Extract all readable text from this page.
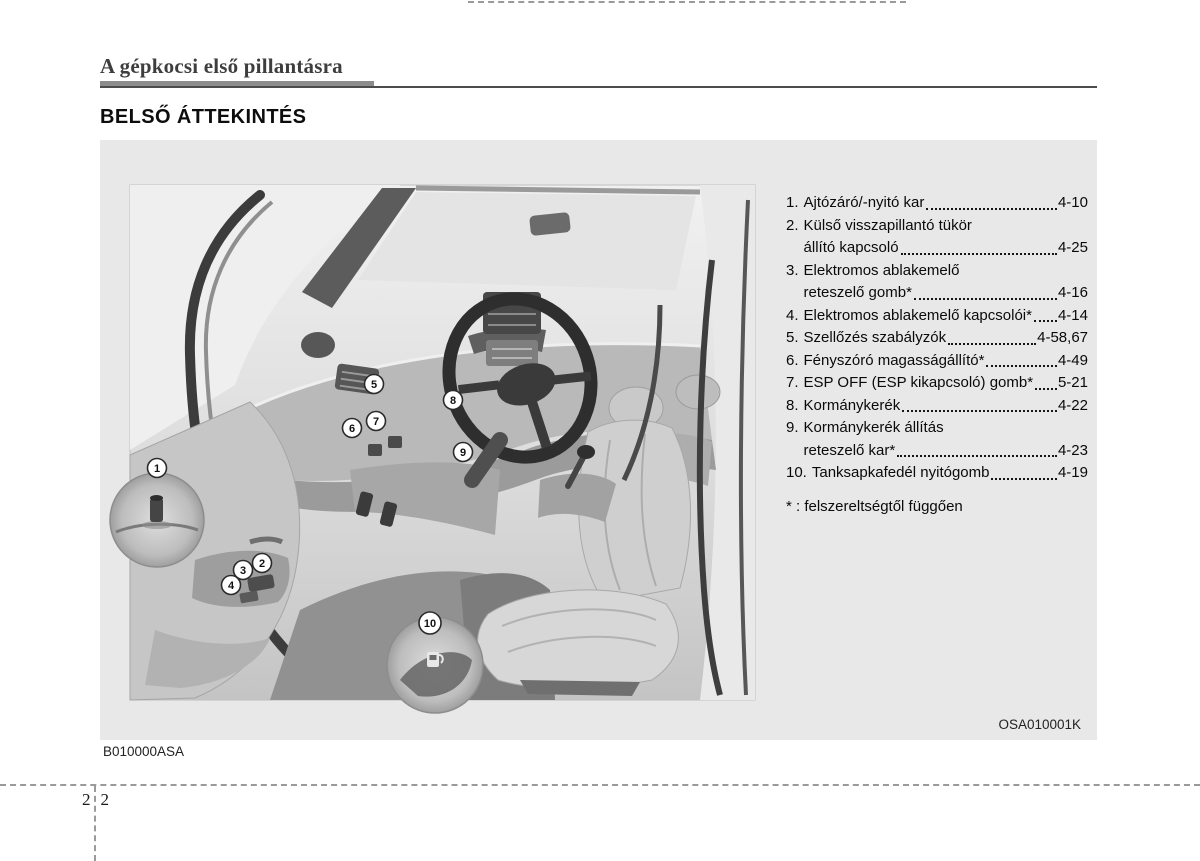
A gépkocsi első pillantásra
BELSŐ ÁTTEKINTÉS
1
2
3
4
5
6
7
8
9
10
1. Ajtózáró/-nyitó kar	4-10
2. Külső visszapillantó tükör
állító kapcsoló	4-25
3. Elektromos ablakemelő
reteszelő gomb*	4-16
4. Elektromos ablakemelő kapcsolói* 4-14
5. Szellőzés szabályzók	4-58,67
6. Fényszóró magasságállító*	4-49
7. ESP OFF (ESP kikapcsoló) gomb* 5-21
8. Kormánykerék	4-22
9. Kormánykerék állítás
reteszelő kar*	4-23
10. Tanksapkafedél nyitógomb	4-19
* : felszereltségtől függően
OSA010001K
B010000ASA
2 2
